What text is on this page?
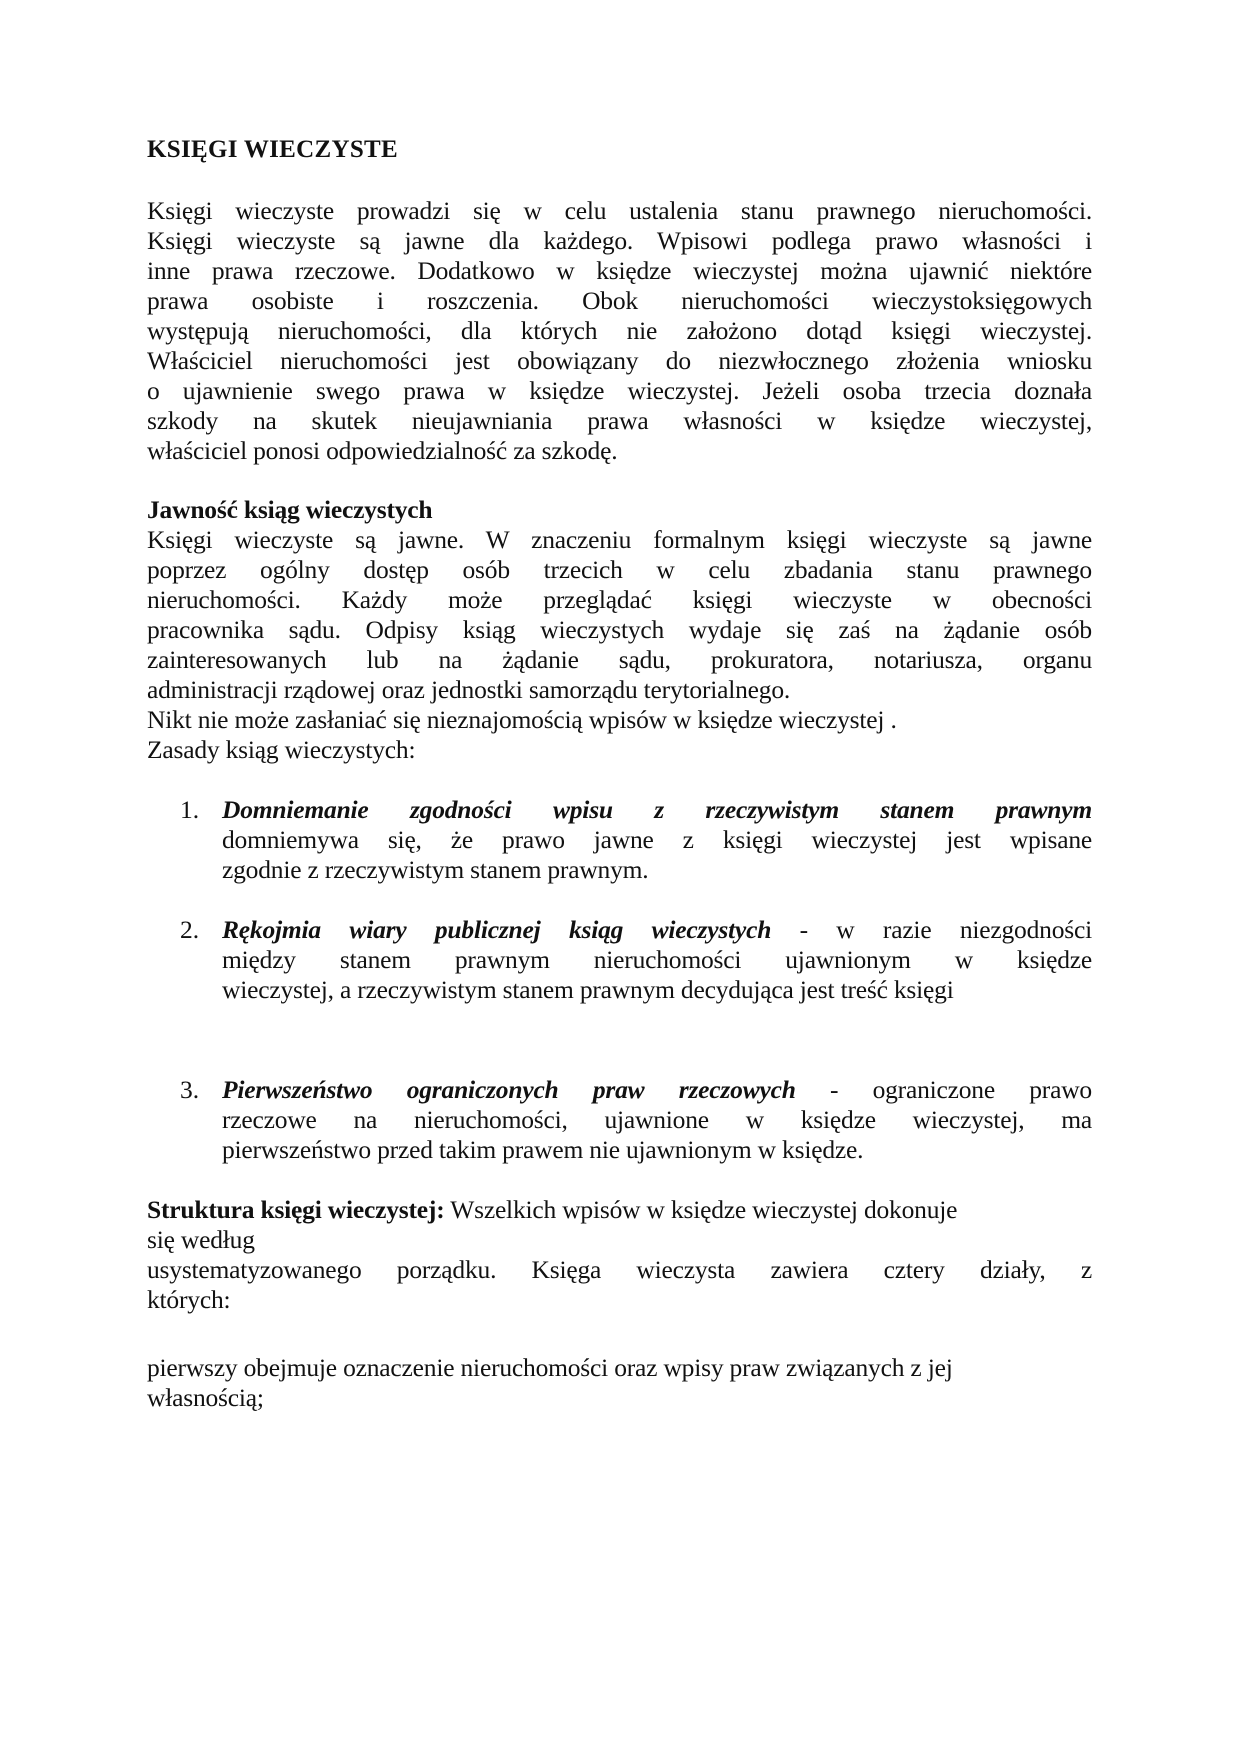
KSIĘGI WIECZYSTE
Księgi wieczyste prowadzi się w celu ustalenia stanu prawnego nieruchomości.
Księgi wieczyste są jawne dla każdego. Wpisowi podlega prawo własności i
inne prawa rzeczowe. Dodatkowo w księdze wieczystej można ujawnić niektóre
prawa osobiste i roszczenia. Obok nieruchomości wieczystoksięgowych
występują nieruchomości, dla których nie założono dotąd księgi wieczystej.
Właściciel nieruchomości jest obowiązany do niezwłocznego złożenia wniosku
o ujawnienie swego prawa w księdze wieczystej. Jeżeli osoba trzecia doznała
szkody na skutek nieujawniania prawa własności w księdze wieczystej,
właściciel ponosi odpowiedzialność za szkodę.
Jawność ksiąg wieczystych
Księgi wieczyste są jawne. W znaczeniu formalnym księgi wieczyste są jawne
poprzez ogólny dostęp osób trzecich w celu zbadania stanu prawnego
nieruchomości. Każdy może przeglądać księgi wieczyste w obecności
pracownika sądu. Odpisy ksiąg wieczystych wydaje się zaś na żądanie osób
zainteresowanych lub na żądanie sądu, prokuratora, notariusza, organu
administracji rządowej oraz jednostki samorządu terytorialnego.
Nikt nie może zasłaniać się nieznajomością wpisów w księdze wieczystej .
Zasady ksiąg wieczystych:
1. Domniemanie zgodności wpisu z rzeczywistym stanem prawnym
domniemywa się, że prawo jawne z księgi wieczystej jest wpisane
zgodnie z rzeczywistym stanem prawnym.
2. Rękojmia wiary publicznej ksiąg wieczystych - w razie niezgodności
między stanem prawnym nieruchomości ujawnionym w księdze
wieczystej, a rzeczywistym stanem prawnym decydująca jest treść księgi
3. Pierwszeństwo ograniczonych praw rzeczowych - ograniczone prawo
rzeczowe na nieruchomości, ujawnione w księdze wieczystej, ma
pierwszeństwo przed takim prawem nie ujawnionym w księdze.
Struktura księgi wieczystej: Wszelkich wpisów w księdze wieczystej dokonuje
się według
usystematyzowanego porządku. Księga wieczysta zawiera cztery działy, z
których:
pierwszy obejmuje oznaczenie nieruchomości oraz wpisy praw związanych z jej
własnością;
